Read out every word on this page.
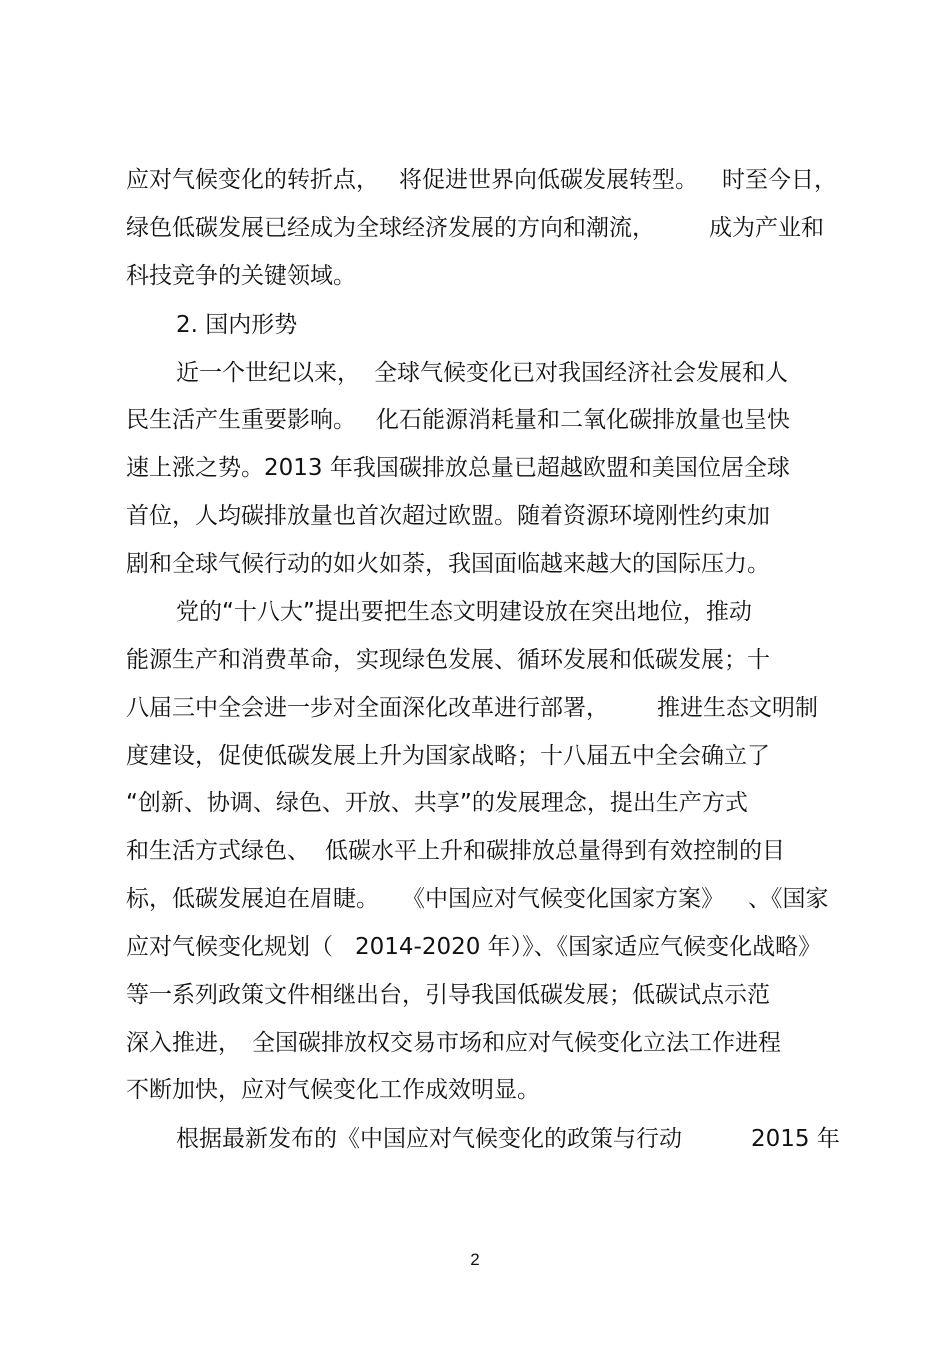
应对气候变化的转折点， 将促进世界向低碳发展转型。 时至今日，
绿色低碳发展已经成为全球经济发展的方向和潮流， 成为产业和
科技竞争的关键领域。
2. 国内形势
近一个世纪以来， 全球气候变化已对我国经济社会发展和人
民生活产生重要影响。 化石能源消耗量和二氧化碳排放量也呈快
速上涨之势。2013 年我国碳排放总量已超越欧盟和美国位居全球
首位，人均碳排放量也首次超过欧盟。随着资源环境刚性约束加
剧和全球气候行动的如火如荼，我国面临越来越大的国际压力。
党的“十八大”提出要把生态文明建设放在突出地位，推动
能源生产和消费革命，实现绿色发展、循环发展和低碳发展；十
八届三中全会进一步对全面深化改革进行部署， 推进生态文明制
度建设，促使低碳发展上升为国家战略；十八届五中全会确立了
“创新、协调、绿色、开放、共享”的发展理念，提出生产方式
和生活方式绿色、 低碳水平上升和碳排放总量得到有效控制的目
标，低碳发展迫在眉睫。 《中国应对气候变化国家方案》 、《国家
应对气候变化规划（ 2014-2020 年）》、《国家适应气候变化战略》
等一系列政策文件相继出台，引导我国低碳发展；低碳试点示范
深入推进， 全国碳排放权交易市场和应对气候变化立法工作进程
不断加快，应对气候变化工作成效明显。
根据最新发布的《中国应对气候变化的政策与行动	2015 年
2
